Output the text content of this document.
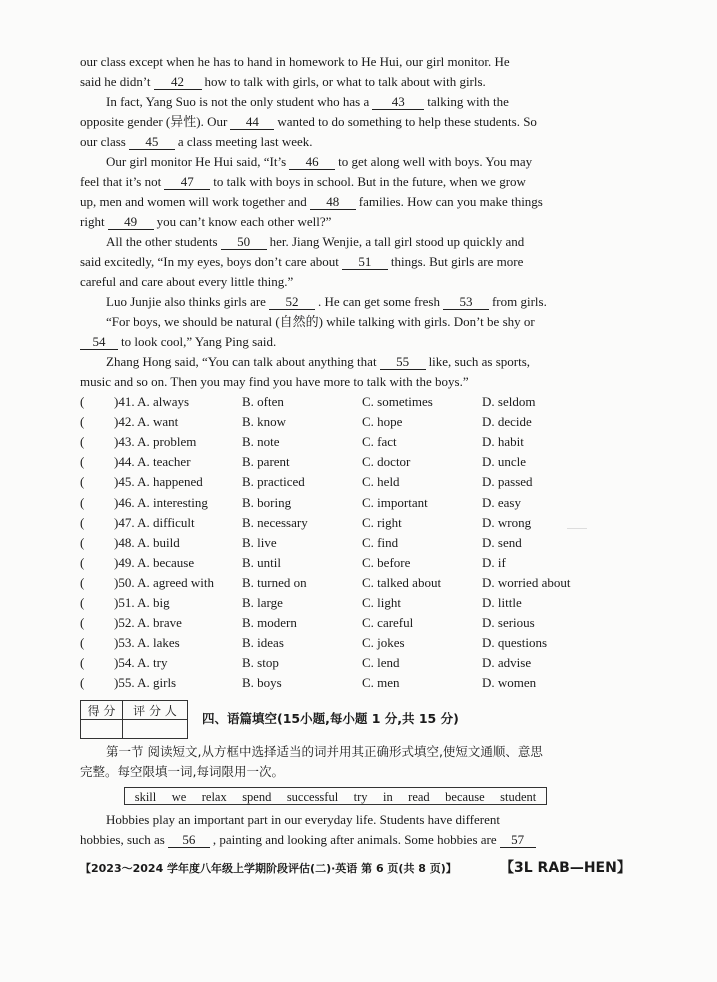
our class except when he has to hand in homework to He Hui, our girl monitor. He
said he didn’t 42 how to talk with girls, or what to talk about with girls.
In fact, Yang Suo is not the only student who has a 43 talking with the
opposite gender (异性). Our 44 wanted to do something to help these students. So
our class 45 a class meeting last week.
Our girl monitor He Hui said, “It’s 46 to get along well with boys. You may
feel that it’s not 47 to talk with boys in school. But in the future, when we grow
up, men and women will work together and 48 families. How can you make things
right 49 you can’t know each other well?”
All the other students 50 her. Jiang Wenjie, a tall girl stood up quickly and
said excitedly, “In my eyes, boys don’t care about 51 things. But girls are more
careful and care about every little thing.”
Luo Junjie also thinks girls are 52 . He can get some fresh 53 from girls.
“For boys, we should be natural (自然的) while talking with girls. Don’t be shy or
54 to look cool,” Yang Ping said.
Zhang Hong said, “You can talk about anything that 55 like, such as sports,
music and so on. Then you may find you have more to talk with the boys.”
( )41. A. always	B. often	C. sometimes	D. seldom
( )42. A. want	B. know	C. hope	D. decide
( )43. A. problem	B. note	C. fact	D. habit
( )44. A. teacher	B. parent	C. doctor	D. uncle
( )45. A. happened	B. practiced	C. held	D. passed
( )46. A. interesting	B. boring	C. important	D. easy
( )47. A. difficult	B. necessary	C. right	D. wrong
( )48. A. build	B. live	C. find	D. send
( )49. A. because	B. until	C. before	D. if
( )50. A. agreed with B. turned on	C. talked about	D. worried about
( )51. A. big	B. large	C. light	D. little
( )52. A. brave	B. modern	C. careful	D. serious
( )53. A. lakes	B. ideas	C. jokes	D. questions
( )54. A. try	B. stop	C. lend	D. advise
( )55. A. girls	B. boys	C. men	D. women
得 分	评 分 人

四、语篇填空(15小题,每小题 1 分,共 15 分)
第一节 阅读短文,从方框中选择适当的词并用其正确形式填空,使短文通顺、意思
完整。每空限填一词,每词限用一次。
skill we relax spend successful try in read because student
Hobbies play an important part in our everyday life. Students have different
hobbies, such as 56 , painting and looking after animals. Some hobbies are 57
【2023～2024 学年度八年级上学期阶段评估(二)·英语 第 6 页(共 8 页)】	【3L RAB—HEN】
